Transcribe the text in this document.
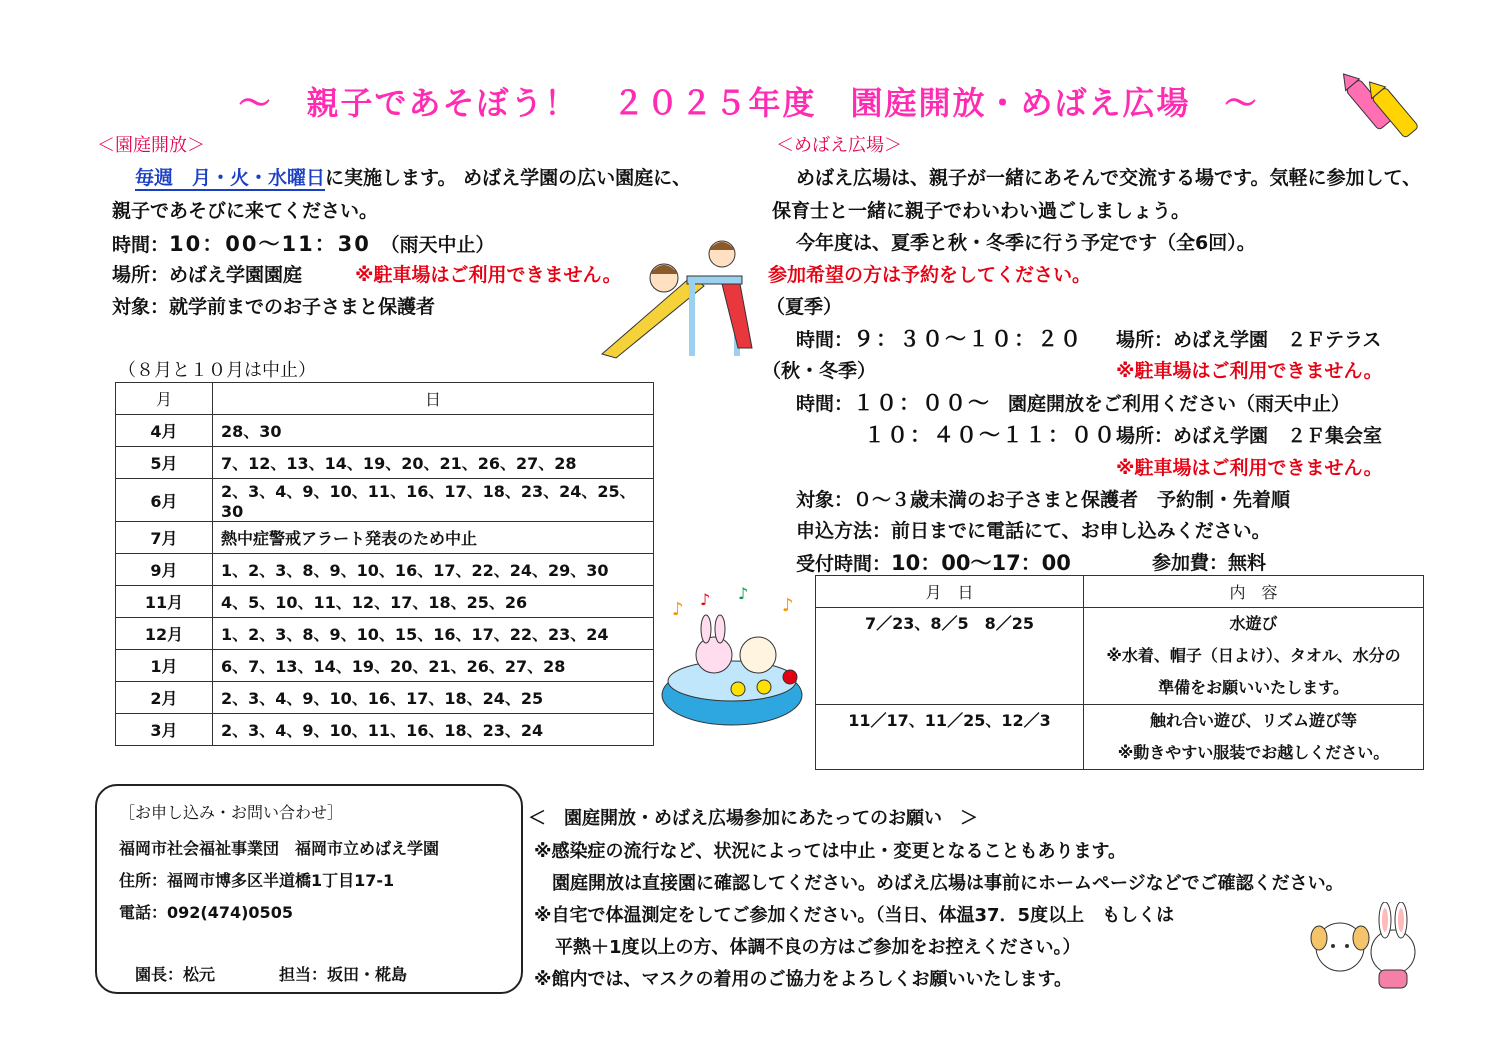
～　親子であそぼう！　２０２５年度　園庭開放・めばえ広場　～
＜園庭開放＞
毎週　月・火・水曜日に実施します。 めばえ学園の広い園庭に、
親子であそびに来てください。
時間：10：00～11：30　 （雨天中止）
場所：めばえ学園園庭	※駐車場はご利用できません。
対象：就学前までのお子さまと保護者
（８月と１０月は中止）
月	日
4月	28、30
5月	7、12、13、14、19、20、21、26、27、28
6月	2、3、4、9、10、11、16、17、18、23、24、25、30
7月	熱中症警戒アラート発表のため中止
9月	1、2、3、8、9、10、16、17、22、24、29、30
11月	4、5、10、11、12、17、18、25、26
12月	1、2、3、8、9、10、15、16、17、22、23、24
1月	6、7、13、14、19、20、21、26、27、28
2月	2、3、4、9、10、16、17、18、24、25
3月	2、3、4、9、10、11、16、18、23、24
＜めばえ広場＞
めばえ広場は、親子が一緒にあそんで交流する場です。気軽に参加して、
保育士と一緒に親子でわいわい過ごしましょう。
今年度は、夏季と秋・冬季に行う予定です（全6回）。
参加希望の方は予約をしてください。
（夏季）
時間：９：３０～１０：２０ 場所：めばえ学園　２Ｆテラス
（秋・冬季）	※駐車場はご利用できません。
時間：１０：００～ 園庭開放をご利用ください（雨天中止）
１０：４０～１１：００ 場所：めばえ学園　２Ｆ集会室
※駐車場はご利用できません。
対象：０～３歳未満のお子さまと保護者　予約制・先着順
申込方法：前日までに電話にて、お申し込みください。
受付時間：10：00～17：00	参加費：無料
♪ ♪ ♪
♪
月　日	内　容
7／23、8／5　8／25	水遊び
※水着、帽子（日よけ）、タオル、水分の
準備をお願いいたします。

11／17、11／25、12／3	触れ合い遊び、リズム遊び等
※動きやすい服装でお越しください。
［お申し込み・お問い合わせ］
福岡市社会福祉事業団　福岡市立めばえ学園
住所：福岡市博多区半道橋1丁目17-1
電話：092(474)0505
園長：松元　　　　担当：坂田・椛島
＜　園庭開放・めばえ広場参加にあたってのお願い　＞
※感染症の流行など、状況によっては中止・変更となることもあります。
園庭開放は直接園に確認してください。めばえ広場は事前にホームページなどでご確認ください。
※自宅で体温測定をしてご参加ください。（当日、体温37．5度以上　もしくは
平熱＋1度以上の方、体調不良の方はご参加をお控えください。）
※館内では、マスクの着用のご協力をよろしくお願いいたします。
